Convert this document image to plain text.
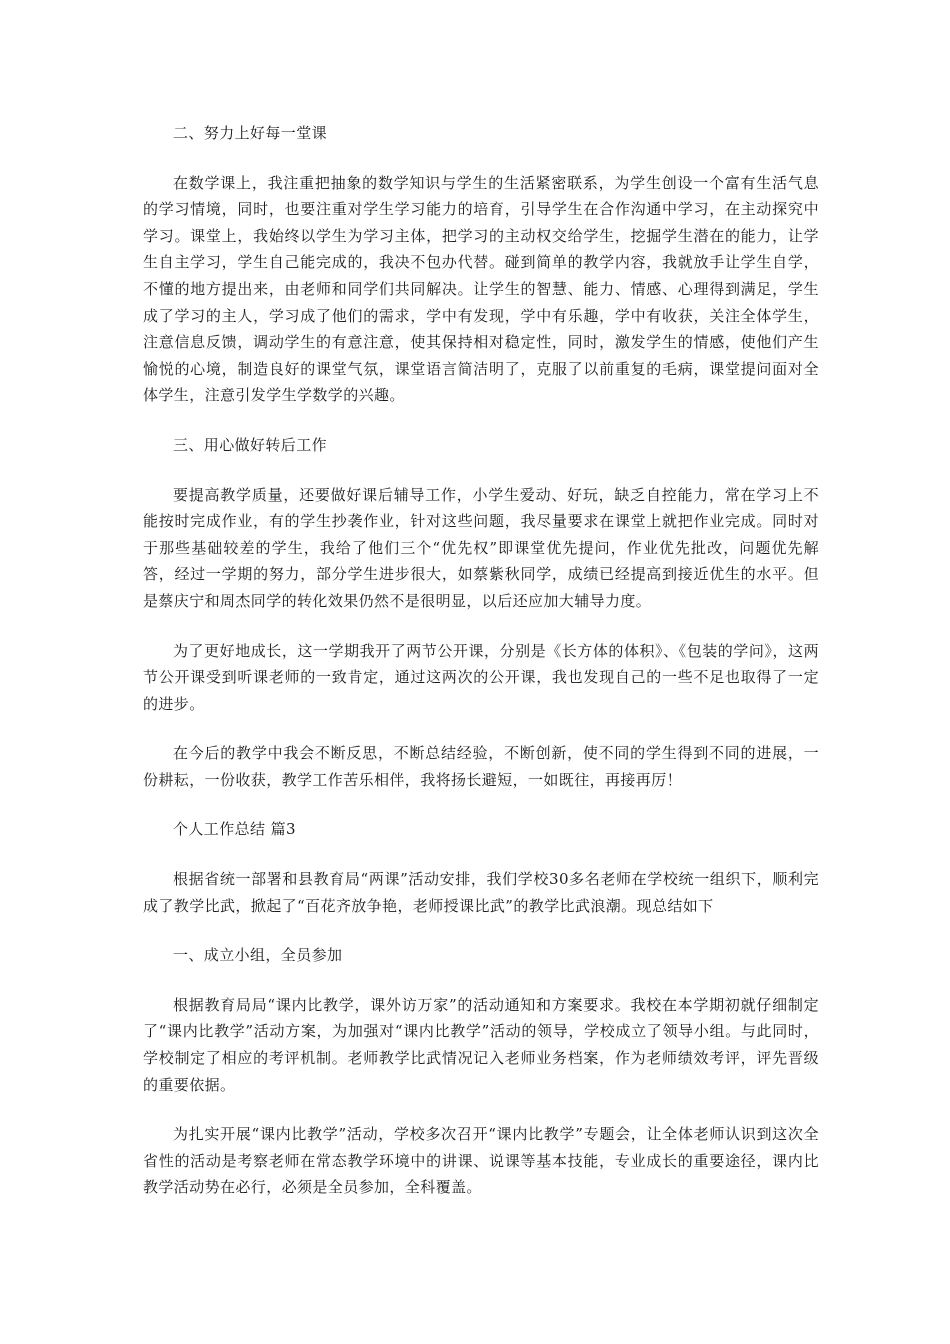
二、努力上好每一堂课

在数学课上，我注重把抽象的数学知识与学生的生活紧密联系，为学生创设一个富有生活气息的学习情境，同时，也要注重对学生学习能力的培育，引导学生在合作沟通中学习，在主动探究中学习。课堂上，我始终以学生为学习主体，把学习的主动权交给学生，挖掘学生潜在的能力，让学生自主学习，学生自己能完成的，我决不包办代替。碰到简单的教学内容，我就放手让学生自学，不懂的地方提出来，由老师和同学们共同解决。让学生的智慧、能力、情感、心理得到满足，学生成了学习的主人，学习成了他们的需求，学中有发现，学中有乐趣，学中有收获，关注全体学生，注意信息反馈，调动学生的有意注意，使其保持相对稳定性，同时，激发学生的情感，使他们产生愉悦的心境，制造良好的课堂气氛，课堂语言简洁明了，克服了以前重复的毛病，课堂提问面对全体学生，注意引发学生学数学的兴趣。

三、用心做好转后工作

要提高教学质量，还要做好课后辅导工作，小学生爱动、好玩，缺乏自控能力，常在学习上不能按时完成作业，有的学生抄袭作业，针对这些问题，我尽量要求在课堂上就把作业完成。同时对于那些基础较差的学生，我给了他们三个“优先权”即课堂优先提问，作业优先批改，问题优先解答，经过一学期的努力，部分学生进步很大，如蔡紫秋同学，成绩已经提高到接近优生的水平。但是蔡庆宁和周杰同学的转化效果仍然不是很明显，以后还应加大辅导力度。

为了更好地成长，这一学期我开了两节公开课，分别是《长方体的体积》、《包装的学问》，这两节公开课受到听课老师的一致肯定，通过这两次的公开课，我也发现自己的一些不足也取得了一定的进步。

在今后的教学中我会不断反思，不断总结经验，不断创新，使不同的学生得到不同的进展，一份耕耘，一份收获，教学工作苦乐相伴，我将扬长避短，一如既往，再接再厉！

个人工作总结 篇3

根据省统一部署和县教育局“两课”活动安排，我们学校30多名老师在学校统一组织下，顺利完成了教学比武，掀起了“百花齐放争艳，老师授课比武”的教学比武浪潮。现总结如下

一、成立小组，全员参加

根据教育局局“课内比教学，课外访万家”的活动通知和方案要求。我校在本学期初就仔细制定了“课内比教学”活动方案，为加强对“课内比教学”活动的领导，学校成立了领导小组。与此同时，学校制定了相应的考评机制。老师教学比武情况记入老师业务档案，作为老师绩效考评，评先晋级的重要依据。

为扎实开展“课内比教学”活动，学校多次召开“课内比教学”专题会，让全体老师认识到这次全省性的活动是考察老师在常态教学环境中的讲课、说课等基本技能，专业成长的重要途径，课内比教学活动势在必行，必须是全员参加，全科覆盖。
